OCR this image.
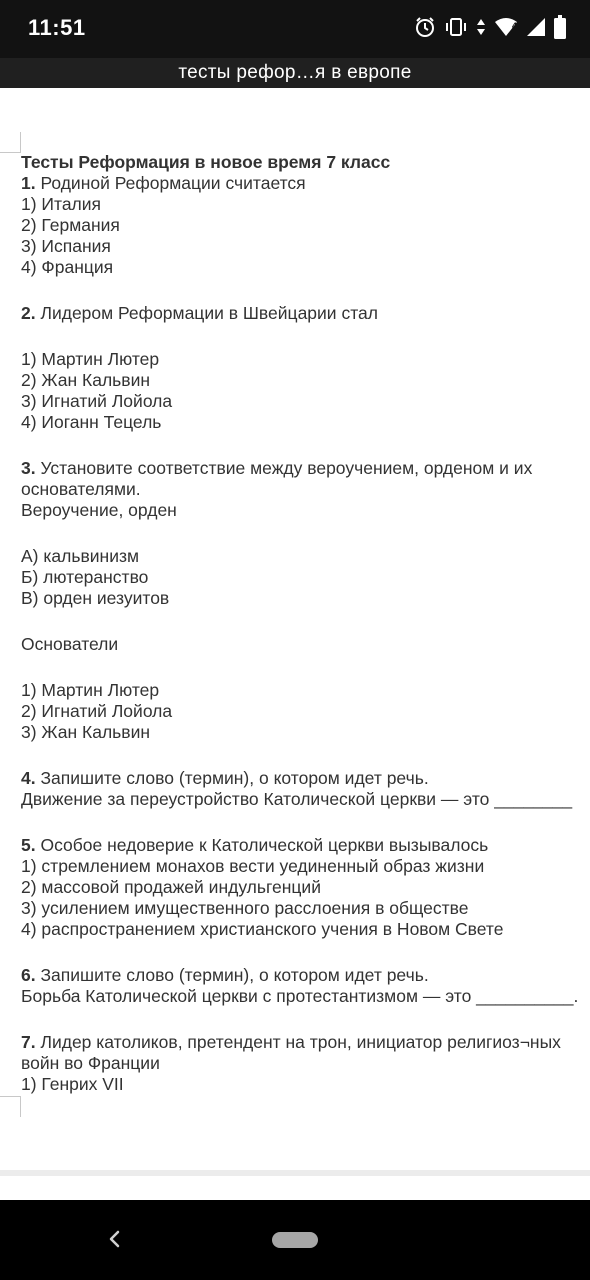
11:51	4
тесты рефор…я в европе
Тесты Реформация в новое время 7 класс
1. Родиной Реформации считается
1) Италия
2) Германия
3) Испания
4) Франция
2. Лидером Реформации в Швейцарии стал
1) Мартин Лютер
2) Жан Кальвин
3) Игнатий Лойола
4) Иоганн Тецель
3. Установите соответствие между вероучением, орденом и их
основателями.
Вероучение, орден
А) кальвинизм
Б) лютеранство
В) орден иезуитов
Основатели
1) Мартин Лютер
2) Игнатий Лойола
3) Жан Кальвин
4. Запишите слово (термин), о котором идет речь.
Движение за переустройство Католической церкви — это ________
5. Особое недоверие к Католической церкви вызывалось
1) стремлением монахов вести уединенный образ жизни
2) массовой продажей индульгенций
3) усилением имущественного расслоения в обществе
4) распространением христианского учения в Новом Свете
6. Запишите слово (термин), о котором идет речь.
Борьба Католической церкви с протестантизмом — это __________.
7. Лидер католиков, претендент на трон, инициатор религиоз¬ных
войн во Франции
1) Генрих VII
